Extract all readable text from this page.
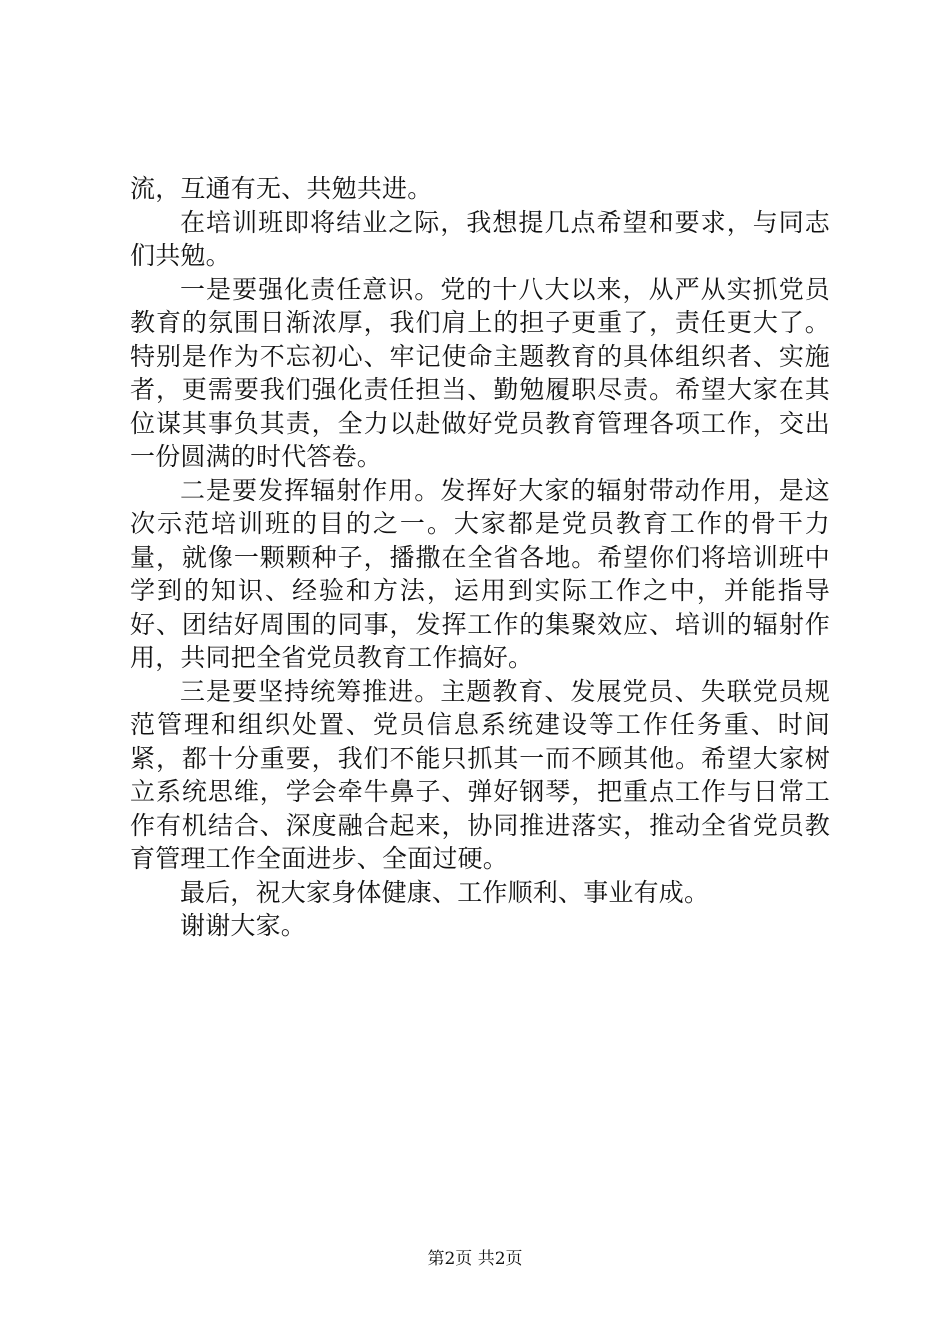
流，互通有无、共勉共进。

在培训班即将结业之际，我想提几点希望和要求，与同志们共勉。

一是要强化责任意识。党的十八大以来，从严从实抓党员教育的氛围日渐浓厚，我们肩上的担子更重了，责任更大了。特别是作为不忘初心、牢记使命主题教育的具体组织者、实施者，更需要我们强化责任担当、勤勉履职尽责。希望大家在其位谋其事负其责，全力以赴做好党员教育管理各项工作，交出一份圆满的时代答卷。

二是要发挥辐射作用。发挥好大家的辐射带动作用，是这次示范培训班的目的之一。大家都是党员教育工作的骨干力量，就像一颗颗种子，播撒在全省各地。希望你们将培训班中学到的知识、经验和方法，运用到实际工作之中，并能指导好、团结好周围的同事，发挥工作的集聚效应、培训的辐射作用，共同把全省党员教育工作搞好。

三是要坚持统筹推进。主题教育、发展党员、失联党员规范管理和组织处置、党员信息系统建设等工作任务重、时间紧，都十分重要，我们不能只抓其一而不顾其他。希望大家树立系统思维，学会牵牛鼻子、弹好钢琴，把重点工作与日常工作有机结合、深度融合起来，协同推进落实，推动全省党员教育管理工作全面进步、全面过硬。

最后，祝大家身体健康、工作顺利、事业有成。

谢谢大家。

第2页 共2页
